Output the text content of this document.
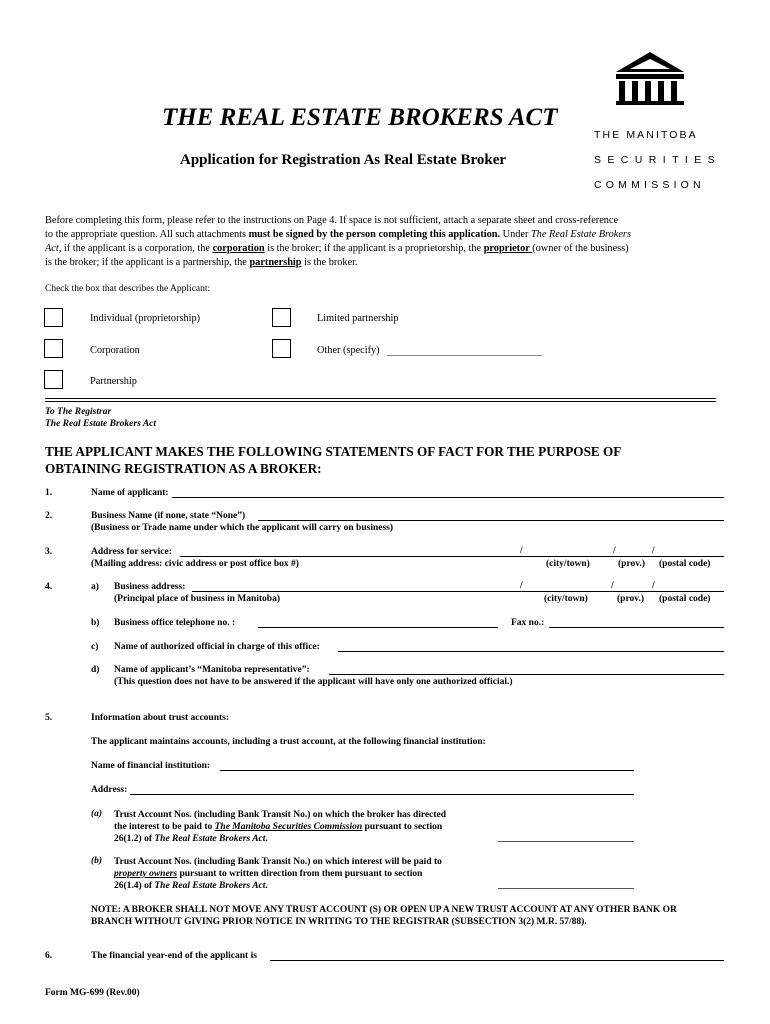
THE MANITOBA
SECURITIES
COMMISSION
THE REAL ESTATE BROKERS ACT
Application for Registration As Real Estate Broker
Before completing this form, please refer to the instructions on Page 4. If space is not sufficient, attach a separate sheet and cross-reference
to the appropriate question. All such attachments must be signed by the person completing this application. Under The Real Estate Brokers
Act, if the applicant is a corporation, the corporation is the broker; if the applicant is a proprietorship, the proprietor (owner of the business)
is the broker; if the applicant is a partnership, the partnership is the broker.
Check the box that describes the Applicant:
Individual (proprietorship)	Limited partnership
Corporation	Other (specify)
Partnership
To The Registrar
The Real Estate Brokers Act
THE APPLICANT MAKES THE FOLLOWING STATEMENTS OF FACT FOR THE PURPOSE OF
OBTAINING REGISTRATION AS A BROKER:
1.	Name of applicant:
2.	Business Name (if none, state “None”)
(Business or Trade name under which the applicant will carry on business)
3.	Address for service:	/	/	/
(Mailing address: civic address or post office box #)	(city/town)	(prov.) (postal code)
4.	a) Business address:	/	/	/
(Principal place of business in Manitoba)	(city/town)	(prov.) (postal code)
b) Business office telephone no. :	Fax no.:
c) Name of authorized official in charge of this office:
d) Name of applicant’s “Manitoba representative”:
(This question does not have to be answered if the applicant will have only one authorized official.)
5.	Information about trust accounts:
The applicant maintains accounts, including a trust account, at the following financial institution:
Name of financial institution:
Address:
(a) Trust Account Nos. (including Bank Transit No.) on which the broker has directed
the interest to be paid to The Manitoba Securities Commission pursuant to section
26(1.2) of The Real Estate Brokers Act.
(b) Trust Account Nos. (including Bank Transit No.) on which interest will be paid to
property owners pursuant to written direction from them pursuant to section
26(1.4) of The Real Estate Brokers Act.
NOTE: A BROKER SHALL NOT MOVE ANY TRUST ACCOUNT (S) OR OPEN UP A NEW TRUST ACCOUNT AT ANY OTHER BANK OR
BRANCH WITHOUT GIVING PRIOR NOTICE IN WRITING TO THE REGISTRAR (SUBSECTION 3(2) M.R. 57/88).
6.	The financial year-end of the applicant is
Form MG-699 (Rev.00)
